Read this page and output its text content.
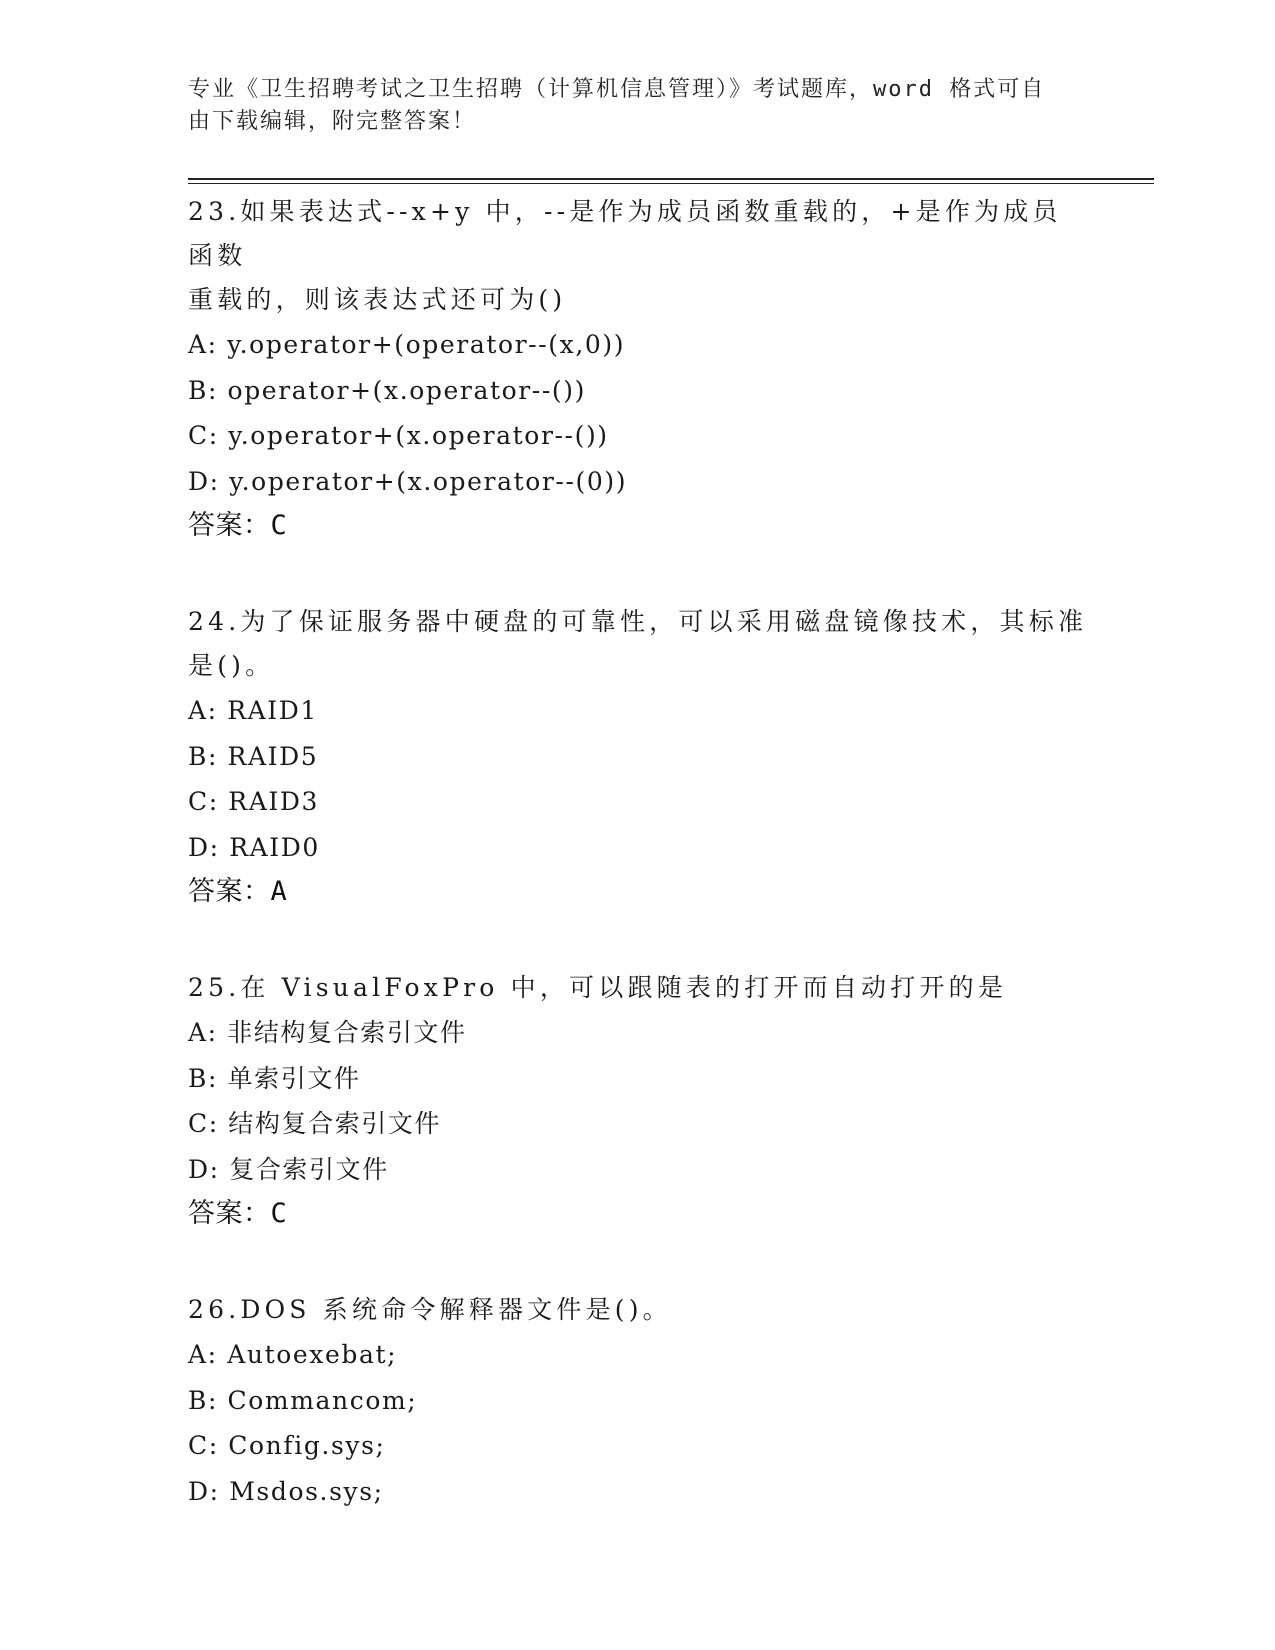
专业《卫生招聘考试之卫生招聘（计算机信息管理）》考试题库，word 格式可自
由下载编辑，附完整答案！

23.如果表达式--x+y 中，--是作为成员函数重载的，+是作为成员函数

重载的，则该表达式还可为()

A: y.operator+(operator--(x,0))

B: operator+(x.operator--())

C: y.operator+(x.operator--())

D: y.operator+(x.operator--(0))

答案：C

24.为了保证服务器中硬盘的可靠性，可以采用磁盘镜像技术，其标准

是()。

A: RAID1

B: RAID5

C: RAID3

D: RAID0

答案：A

25.在 VisualFoxPro 中，可以跟随表的打开而自动打开的是

A: 非结构复合索引文件

B: 单索引文件

C: 结构复合索引文件

D: 复合索引文件

答案：C

26.DOS 系统命令解释器文件是()。

A: Autoexebat;

B: Commancom;

C: Config.sys;

D: Msdos.sys;
